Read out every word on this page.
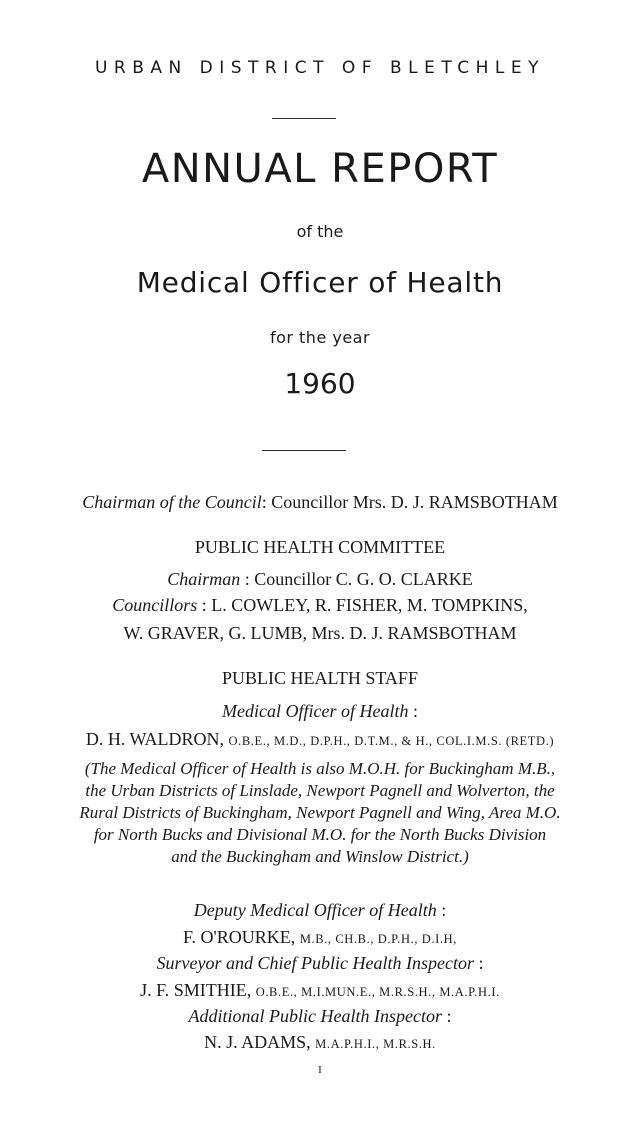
URBAN DISTRICT OF BLETCHLEY
ANNUAL REPORT
of the
Medical Officer of Health
for the year
1960
Chairman of the Council: Councillor Mrs. D. J. RAMSBOTHAM
PUBLIC HEALTH COMMITTEE
Chairman : Councillor C. G. O. CLARKE
Councillors : L. COWLEY, R. FISHER, M. TOMPKINS,
W. GRAVER, G. LUMB, Mrs. D. J. RAMSBOTHAM
PUBLIC HEALTH STAFF
Medical Officer of Health :
D. H. WALDRON, O.B.E., M.D., D.P.H., D.T.M., & H., COL.I.M.S. (RETD.)
(The Medical Officer of Health is also M.O.H. for Buckingham M.B.,
the Urban Districts of Linslade, Newport Pagnell and Wolverton, the
Rural Districts of Buckingham, Newport Pagnell and Wing, Area M.O.
for North Bucks and Divisional M.O. for the North Bucks Division
and the Buckingham and Winslow District.)
Deputy Medical Officer of Health :
F. O'ROURKE, M.B., CH.B., D.P.H., D.I.H,
Surveyor and Chief Public Health Inspector :
J. F. SMITHIE, O.B.E., M.I.MUN.E., M.R.S.H., M.A.P.H.I.
Additional Public Health Inspector :
N. J. ADAMS, M.A.P.H.I., M.R.S.H.
I
